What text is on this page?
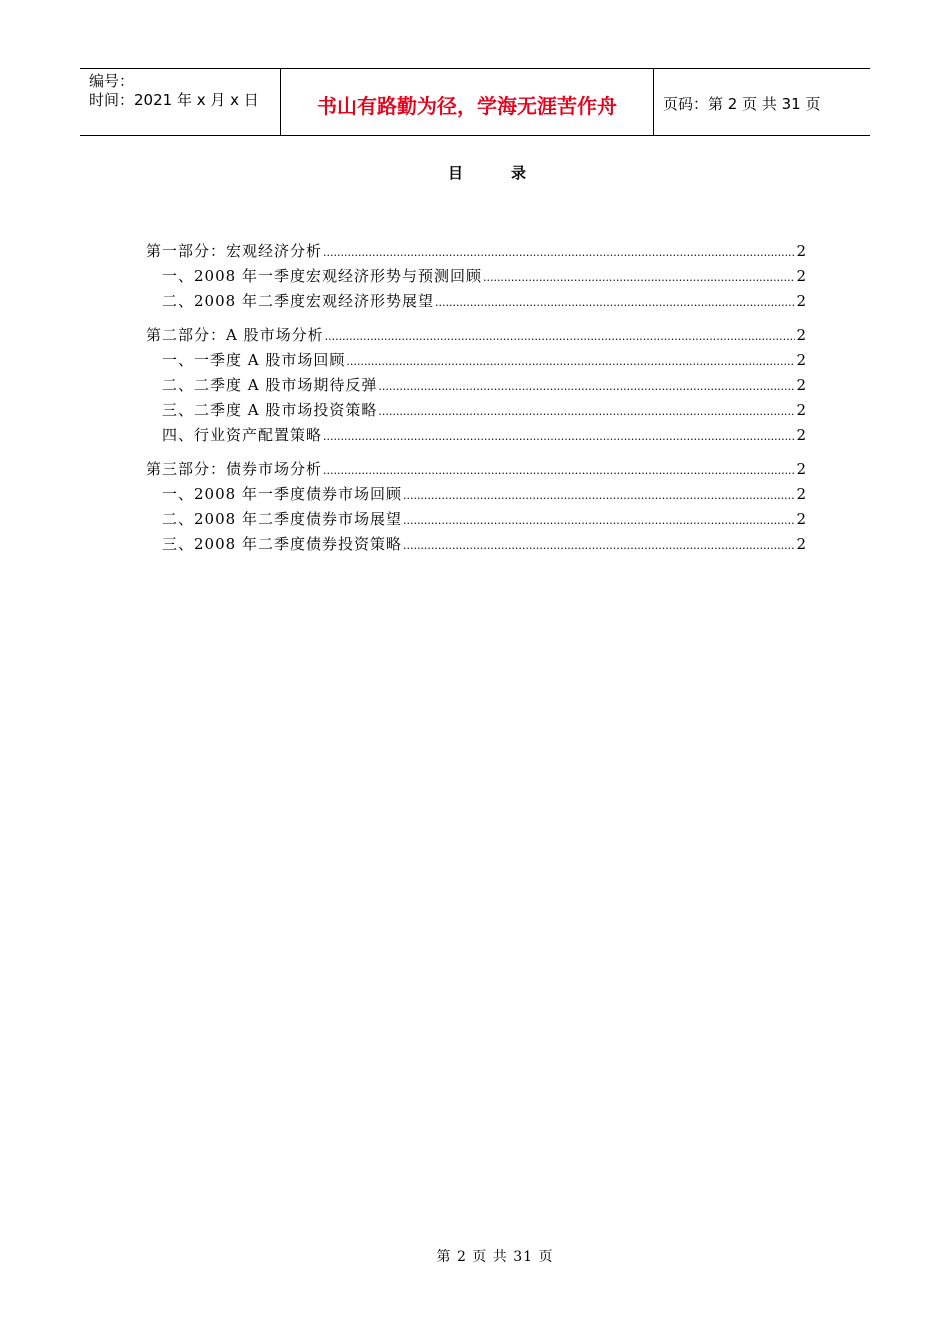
编号：
时间：2021 年 x 月 x 日	书山有路勤为径，学海无涯苦作舟	页码：第 2 页 共 31 页
目录
第一部分：宏观经济分析 .....	2
一、2008 年一季度宏观经济形势与预测回顾 .....	2
二、2008 年二季度宏观经济形势展望 .....	2
第二部分：A 股市场分析 .....	2
一、一季度 A 股市场回顾 .....	2
二、二季度 A 股市场期待反弹 .....	2
三、二季度 A 股市场投资策略 .....	2
四、行业资产配置策略 .....	2
第三部分：债券市场分析 .....	2
一、2008 年一季度债券市场回顾 .....	2
二、2008 年二季度债券市场展望 .....	2
三、2008 年二季度债券投资策略 .....	2
第 2 页 共 31 页
